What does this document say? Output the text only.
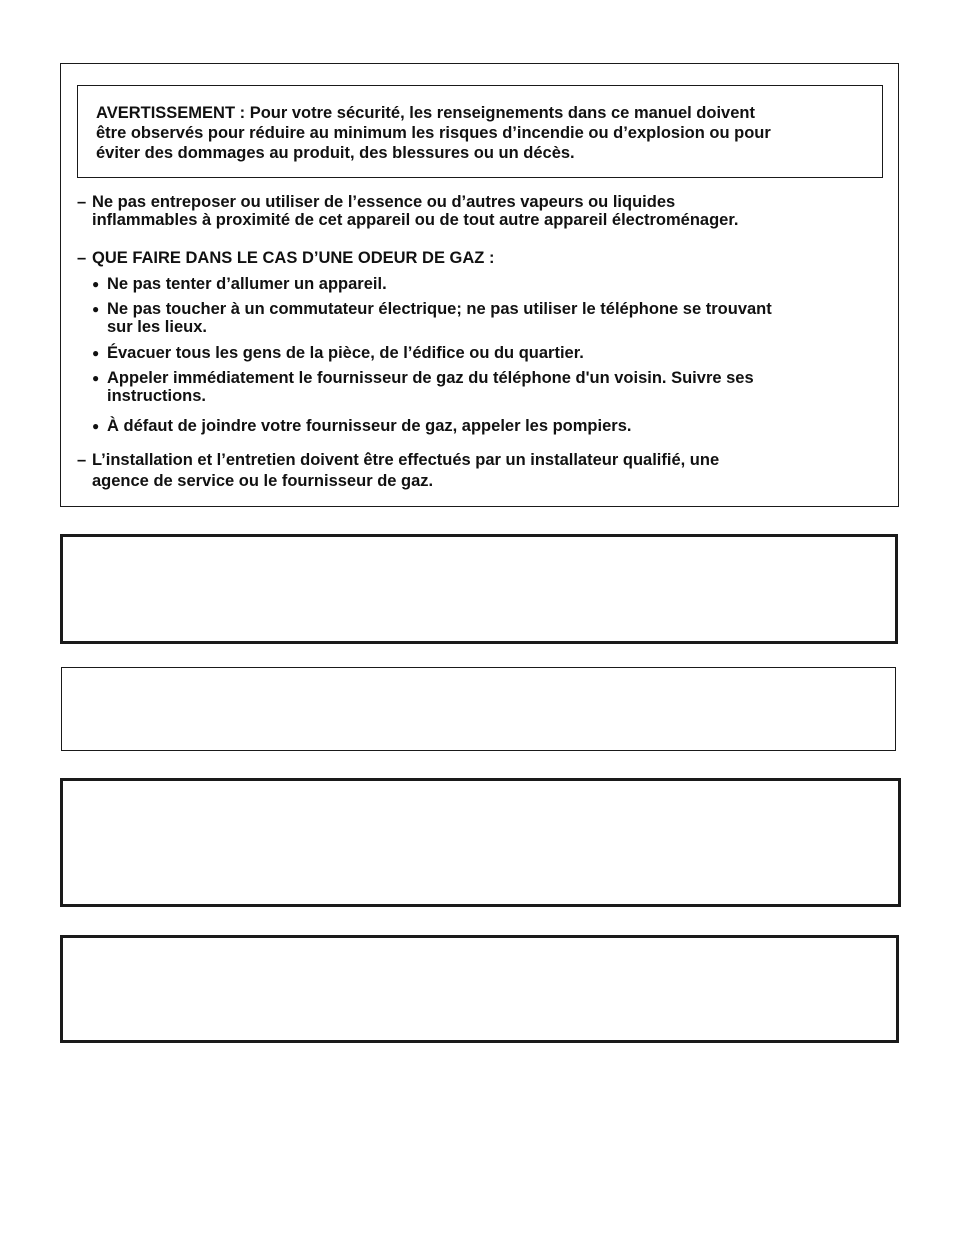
AVERTISSEMENT : Pour votre sécurité, les renseignements dans ce manuel doivent
être observés pour réduire au minimum les risques d’incendie ou d’explosion ou pour
éviter des dommages au produit, des blessures ou un décès.
– Ne pas entreposer ou utiliser de l’essence ou d’autres vapeurs ou liquides
inflammables à proximité de cet appareil ou de tout autre appareil électroménager.
– QUE FAIRE DANS LE CAS D’UNE ODEUR DE GAZ :
● Ne pas tenter d’allumer un appareil.
● Ne pas toucher à un commutateur électrique; ne pas utiliser le téléphone se trouvant
sur les lieux.
● Évacuer tous les gens de la pièce, de l’édifice ou du quartier.
● Appeler immédiatement le fournisseur de gaz du téléphone d'un voisin. Suivre ses
instructions.
● À défaut de joindre votre fournisseur de gaz, appeler les pompiers.
– L’installation et l’entretien doivent être effectués par un installateur qualifié, une
agence de service ou le fournisseur de gaz.
